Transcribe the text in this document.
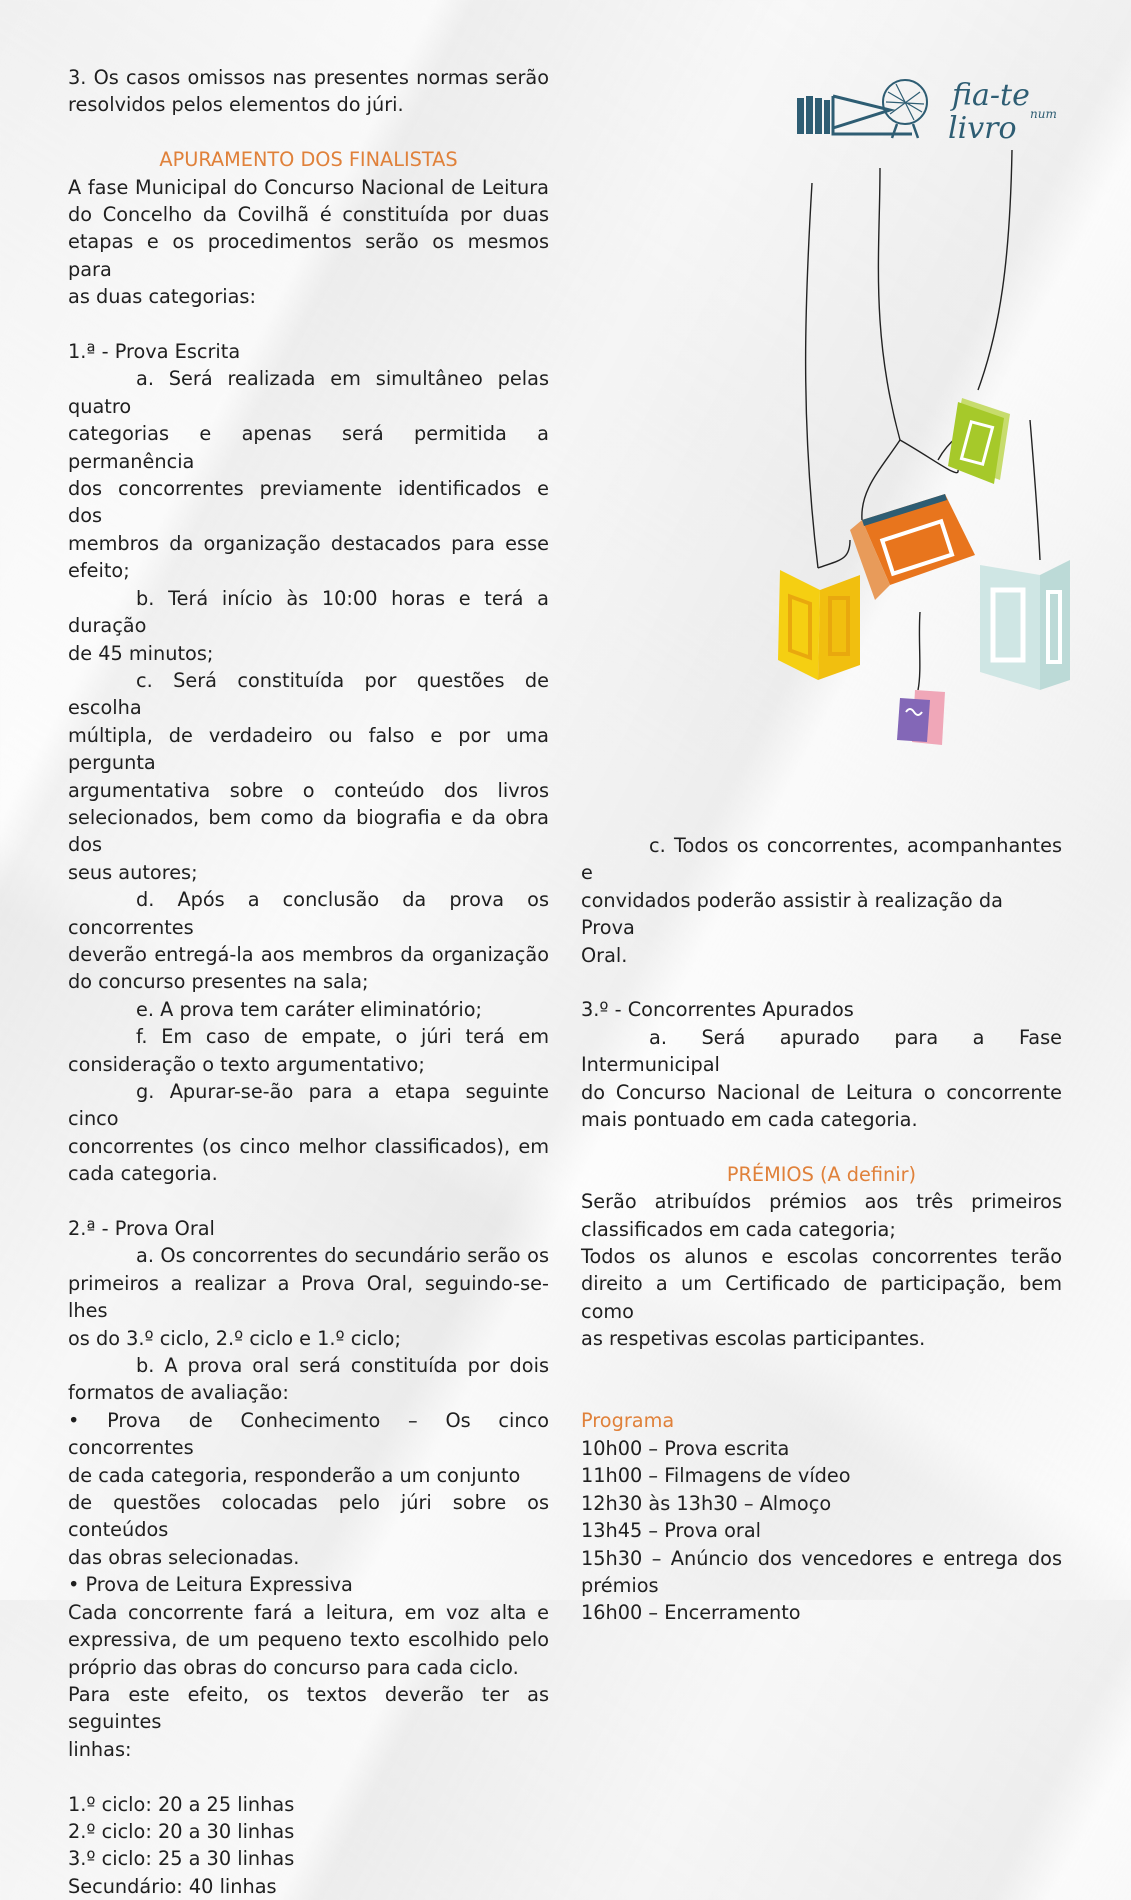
3. Os casos omissos nas presentes normas serão

resolvidos pelos elementos do júri.

APURAMENTO DOS FINALISTAS

A fase Municipal do Concurso Nacional de Leitura

do Concelho da Covilhã é constituída por duas

etapas e os procedimentos serão os mesmos para

as duas categorias:

1.ª - Prova Escrita

a. Será realizada em simultâneo pelas quatro

categorias e apenas será permitida a permanência

dos concorrentes previamente identificados e dos

membros da organização destacados para esse

efeito;

b. Terá início às 10:00 horas e terá a duração

de 45 minutos;

c. Será constituída por questões de escolha

múltipla, de verdadeiro ou falso e por uma pergunta

argumentativa sobre o conteúdo dos livros

selecionados, bem como da biografia e da obra dos

seus autores;

d. Após a conclusão da prova os concorrentes

deverão entregá-la aos membros da organização

do concurso presentes na sala;

e. A prova tem caráter eliminatório;

f. Em caso de empate, o júri terá em

consideração o texto argumentativo;

g. Apurar-se-ão para a etapa seguinte cinco

concorrentes (os cinco melhor classificados), em

cada categoria.

2.ª - Prova Oral

a. Os concorrentes do secundário serão os

primeiros a realizar a Prova Oral, seguindo-se-lhes

os do 3.º ciclo, 2.º ciclo e 1.º ciclo;

b. A prova oral será constituída por dois

formatos de avaliação:

• Prova de Conhecimento – Os cinco concorrentes

de cada categoria, responderão a um conjunto

de questões colocadas pelo júri sobre os conteúdos

das obras selecionadas.

• Prova de Leitura Expressiva

Cada concorrente fará a leitura, em voz alta e

expressiva, de um pequeno texto escolhido pelo

próprio das obras do concurso para cada ciclo.

Para este efeito, os textos deverão ter as seguintes

linhas:

1.º ciclo: 20 a 25 linhas

2.º ciclo: 20 a 30 linhas

3.º ciclo: 25 a 30 linhas

Secundário: 40 linhas

c. Todos os concorrentes, acompanhantes e

convidados poderão assistir à realização da Prova

Oral.

3.º - Concorrentes Apurados

a. Será apurado para a Fase Intermunicipal

do Concurso Nacional de Leitura o concorrente

mais pontuado em cada categoria.

PRÉMIOS (A definir)

Serão atribuídos prémios aos três primeiros

classificados em cada categoria;

Todos os alunos e escolas concorrentes terão

direito a um Certificado de participação, bem como

as respetivas escolas participantes.

Programa

10h00 – Prova escrita

11h00 – Filmagens de vídeo

12h30 às 13h30 – Almoço

13h45 – Prova oral

15h30 – Anúncio dos vencedores e entrega dos

prémios

16h00 – Encerramento

fia-te
num
livro
